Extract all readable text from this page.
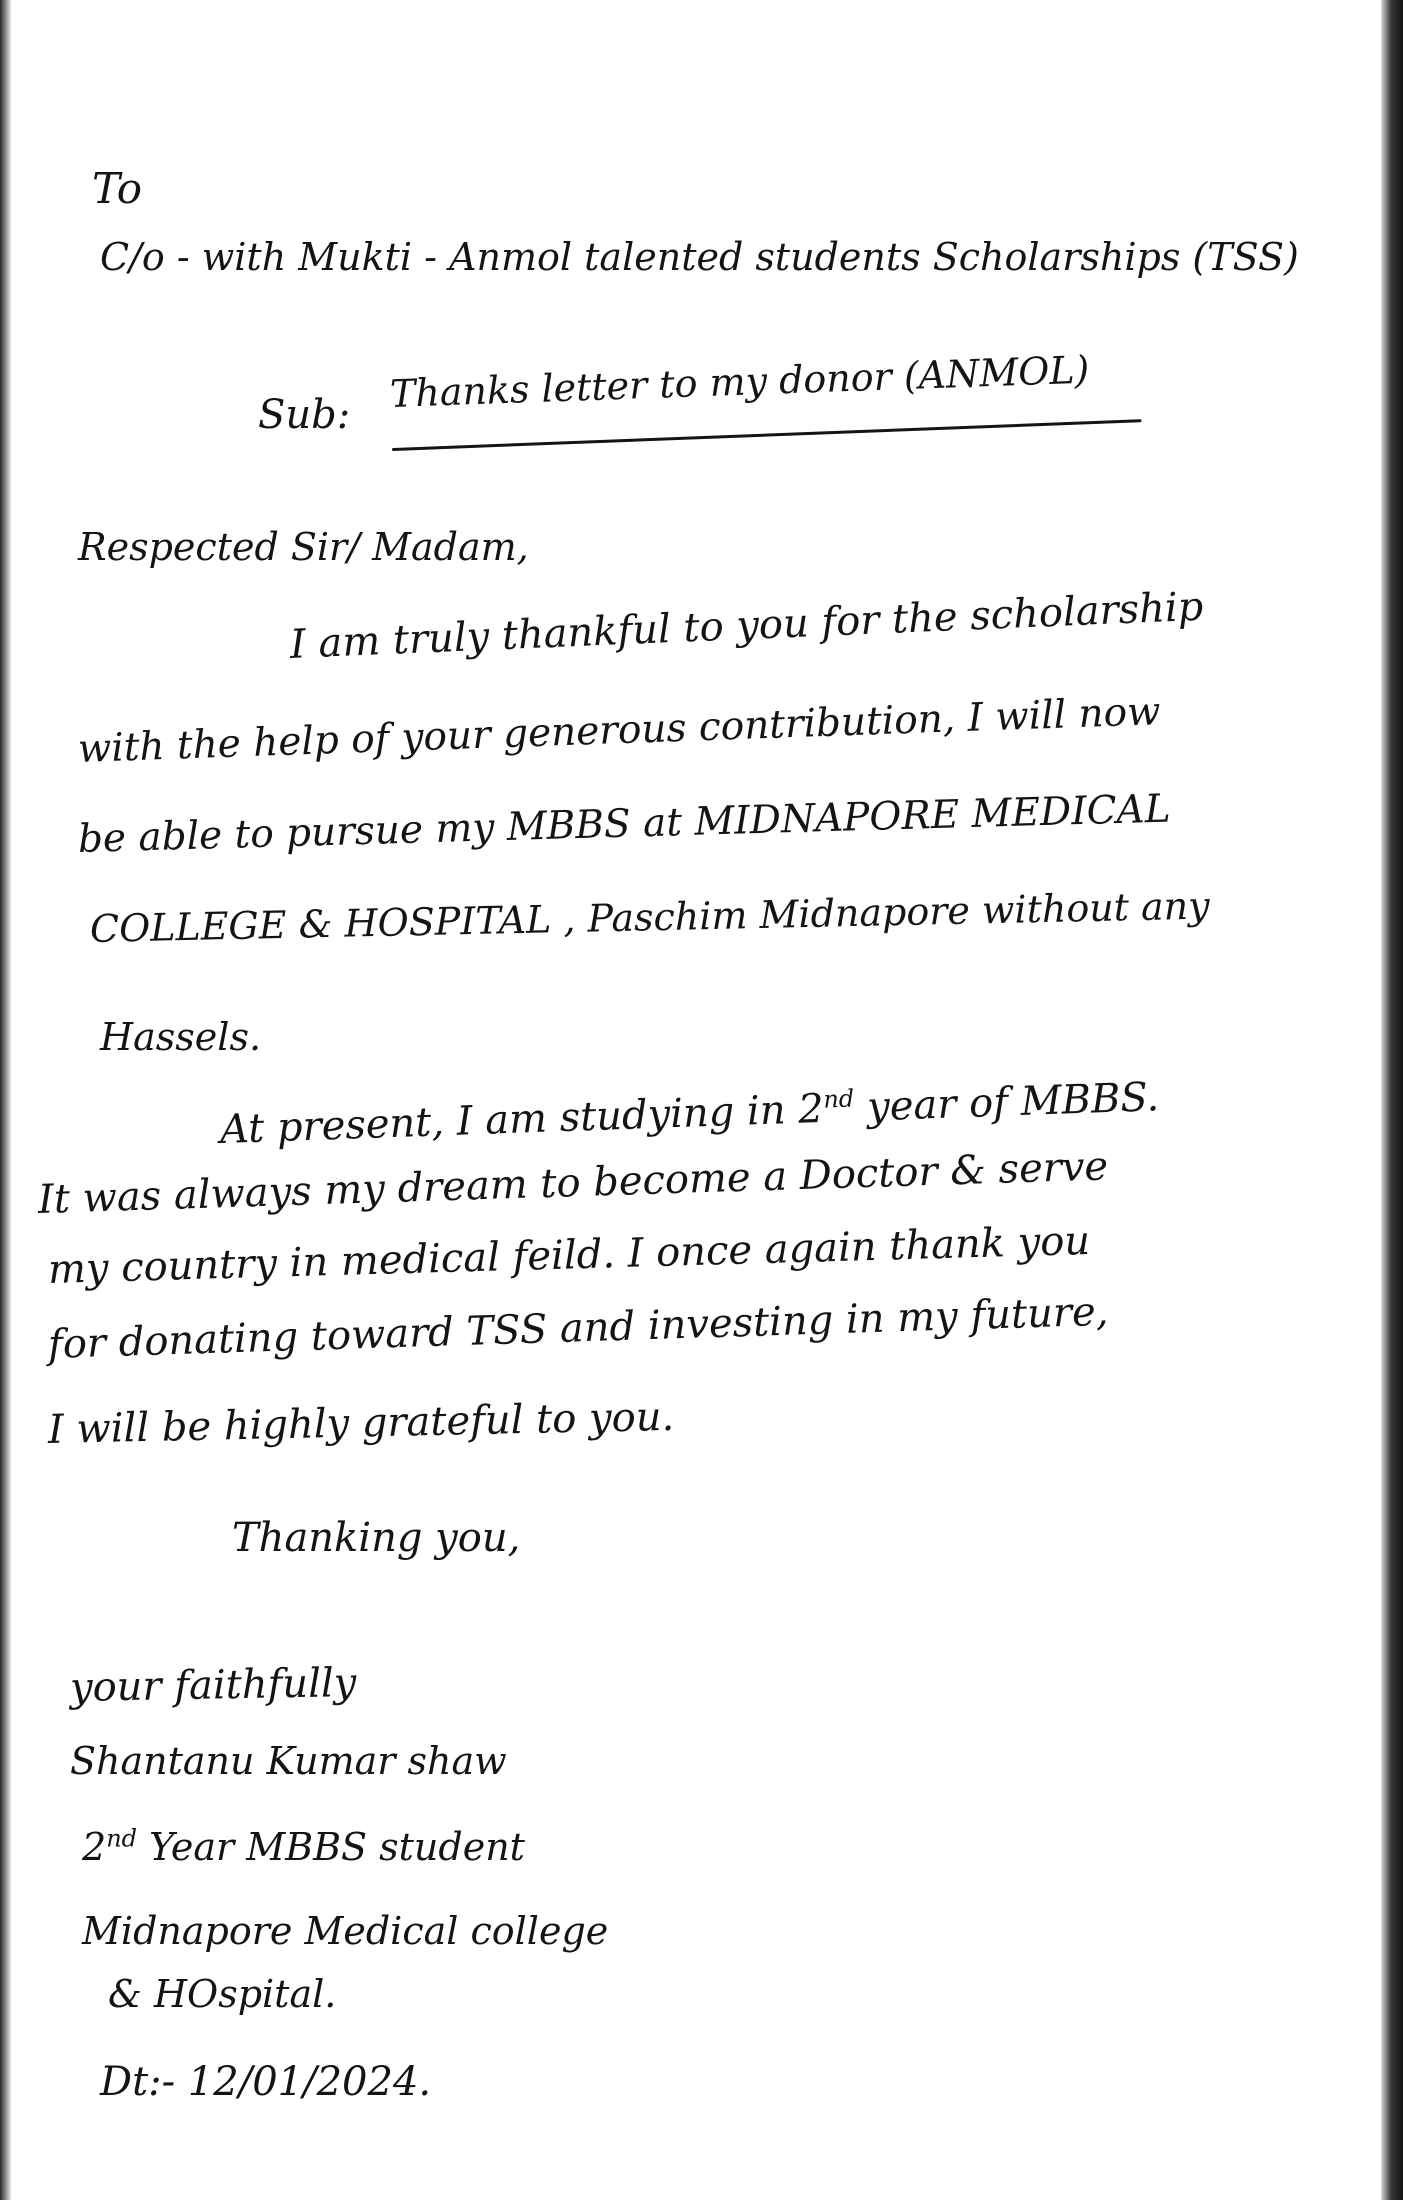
To
C/o - with Mukti - Anmol talented students Scholarships (TSS)
Sub: Thanks letter to my donor (ANMOL)
Respected Sir/ Madam,
I am truly thankful to you for the scholarship
with the help of your generous contribution, I will now
be able to pursue my MBBS at MIDNAPORE MEDICAL
COLLEGE & HOSPITAL , Paschim Midnapore without any
Hassels.
At present, I am studying in 2nd year of MBBS.
It was always my dream to become a Doctor & serve
my country in medical feild. I once again thank you
for donating toward TSS and investing in my future,
I will be highly grateful to you.
Thanking you,
your faithfully
Shantanu Kumar shaw
2nd Year MBBS student
Midnapore Medical college
& HOspital.
Dt:- 12/01/2024.
